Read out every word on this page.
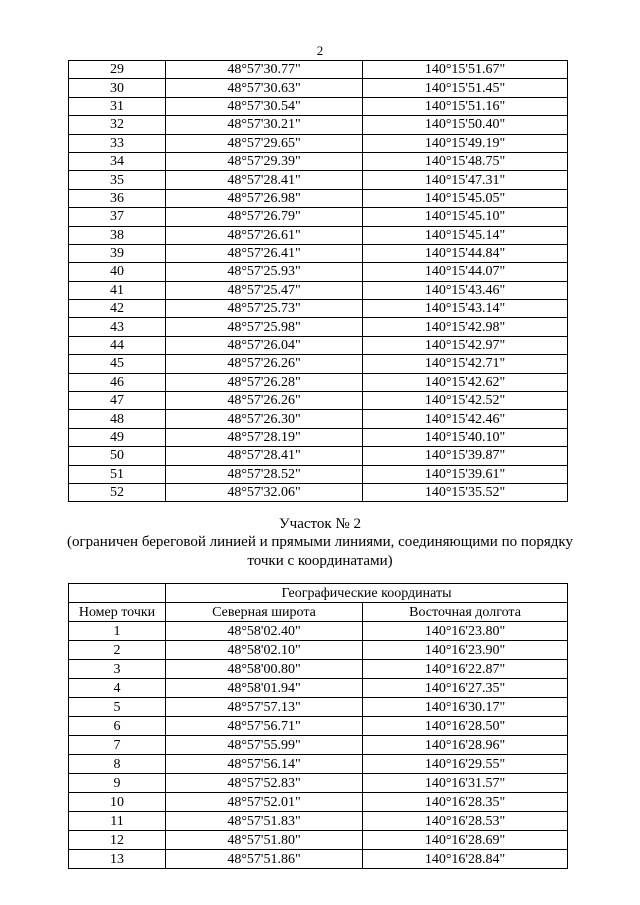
2
29	48°57'30.77"	140°15'51.67"
30	48°57'30.63"	140°15'51.45"
31	48°57'30.54"	140°15'51.16"
32	48°57'30.21"	140°15'50.40"
33	48°57'29.65"	140°15'49.19"
34	48°57'29.39"	140°15'48.75"
35	48°57'28.41"	140°15'47.31"
36	48°57'26.98"	140°15'45.05"
37	48°57'26.79"	140°15'45.10"
38	48°57'26.61"	140°15'45.14"
39	48°57'26.41"	140°15'44.84"
40	48°57'25.93"	140°15'44.07"
41	48°57'25.47"	140°15'43.46"
42	48°57'25.73"	140°15'43.14"
43	48°57'25.98"	140°15'42.98"
44	48°57'26.04"	140°15'42.97"
45	48°57'26.26"	140°15'42.71"
46	48°57'26.28"	140°15'42.62"
47	48°57'26.26"	140°15'42.52"
48	48°57'26.30"	140°15'42.46"
49	48°57'28.19"	140°15'40.10"
50	48°57'28.41"	140°15'39.87"
51	48°57'28.52"	140°15'39.61"
52	48°57'32.06"	140°15'35.52"
Участок № 2
(ограничен береговой линией и прямыми линиями, соединяющими по порядку
точки с координатами)
	Географические координаты	
Номер точки	Северная широта	Восточная долгота
1	48°58'02.40"	140°16'23.80"
2	48°58'02.10"	140°16'23.90"
3	48°58'00.80"	140°16'22.87"
4	48°58'01.94"	140°16'27.35"
5	48°57'57.13"	140°16'30.17"
6	48°57'56.71"	140°16'28.50"
7	48°57'55.99"	140°16'28.96"
8	48°57'56.14"	140°16'29.55"
9	48°57'52.83"	140°16'31.57"
10	48°57'52.01"	140°16'28.35"
11	48°57'51.83"	140°16'28.53"
12	48°57'51.80"	140°16'28.69"
13	48°57'51.86"	140°16'28.84"
